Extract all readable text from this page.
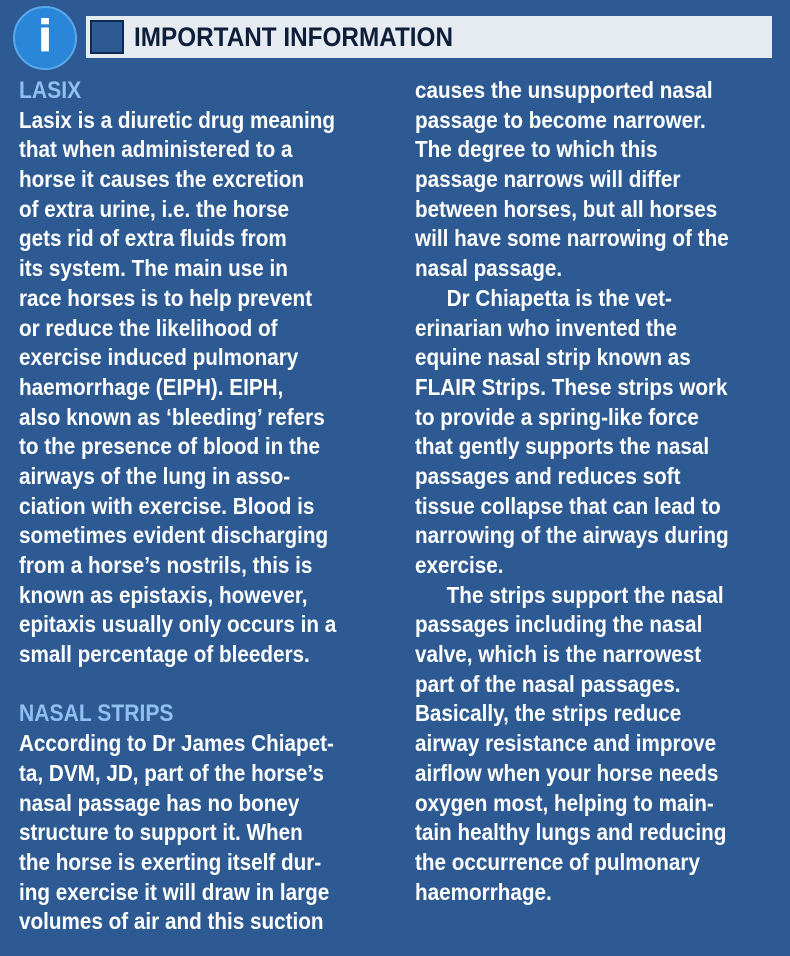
i	IMPORTANT INFORMATION
LASIX
Lasix is a diuretic drug meaning
that when administered to a
horse it causes the excretion
of extra urine, i.e. the horse
gets rid of extra fluids from
its system. The main use in
race horses is to help prevent
or reduce the likelihood of
exercise induced pulmonary
haemorrhage (EIPH). EIPH,
also known as ‘bleeding’ refers
to the presence of blood in the
airways of the lung in asso-
ciation with exercise. Blood is
sometimes evident discharging
from a horse’s nostrils, this is
known as epistaxis, however,
epitaxis usually only occurs in a
small percentage of bleeders.
NASAL STRIPS
According to Dr James Chiapet-
ta, DVM, JD, part of the horse’s
nasal passage has no boney
structure to support it. When
the horse is exerting itself dur-
ing exercise it will draw in large
volumes of air and this suction
causes the unsupported nasal
passage to become narrower.
The degree to which this
passage narrows will differ
between horses, but all horses
will have some narrowing of the
nasal passage.
Dr Chiapetta is the vet-
erinarian who invented the
equine nasal strip known as
FLAIR Strips. These strips work
to provide a spring-like force
that gently supports the nasal
passages and reduces soft
tissue collapse that can lead to
narrowing of the airways during
exercise.
The strips support the nasal
passages including the nasal
valve, which is the narrowest
part of the nasal passages.
Basically, the strips reduce
airway resistance and improve
airflow when your horse needs
oxygen most, helping to main-
tain healthy lungs and reducing
the occurrence of pulmonary
haemorrhage.
